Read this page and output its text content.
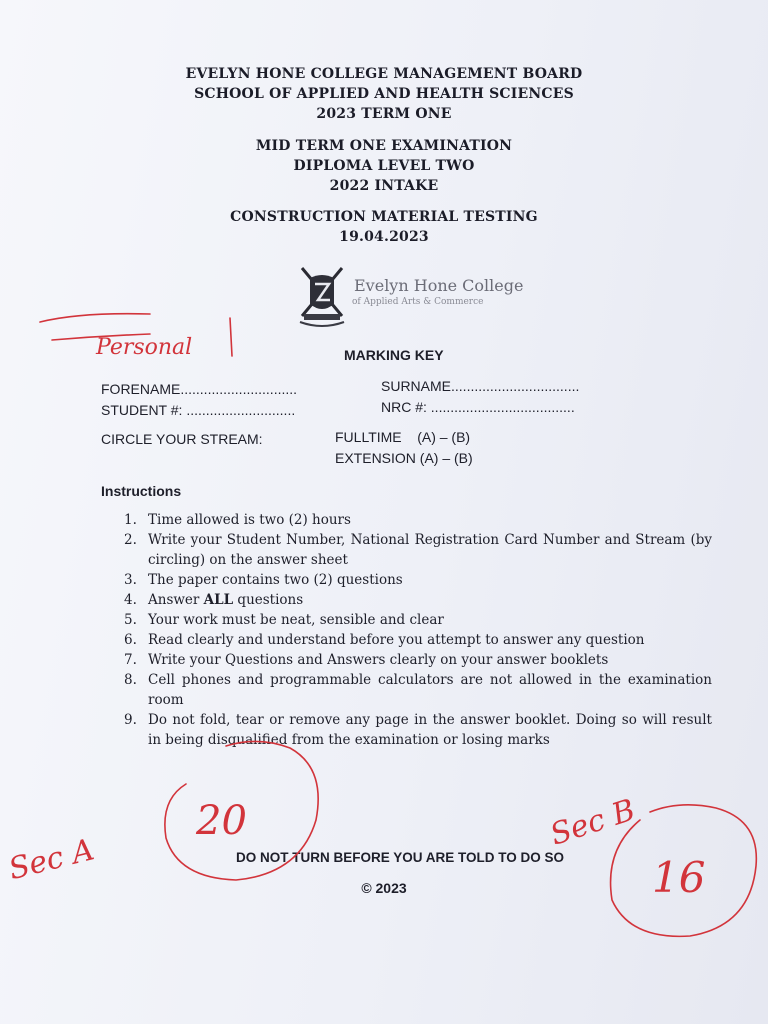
EVELYN HONE COLLEGE MANAGEMENT BOARD
SCHOOL OF APPLIED AND HEALTH SCIENCES
2023 TERM ONE
MID TERM ONE EXAMINATION
DIPLOMA LEVEL TWO
2022 INTAKE
CONSTRUCTION MATERIAL TESTING
19.04.2023
Evelyn Hone College
of Applied Arts & Commerce
MARKING KEY
FORENAME..............................	SURNAME.................................
STUDENT #: ............................	NRC #: .....................................
CIRCLE YOUR STREAM:	FULLTIME    (A) – (B)
EXTENSION (A) – (B)
Instructions
1. Time allowed is two (2) hours
2. Write your Student Number, National Registration Card Number and Stream (by circling) on the answer sheet
3. The paper contains two (2) questions
4. Answer ALL questions
5. Your work must be neat, sensible and clear
6. Read clearly and understand before you attempt to answer any question
7. Write your Questions and Answers clearly on your answer booklets
8. Cell phones and programmable calculators are not allowed in the examination room
9. Do not fold, tear or remove any page in the answer booklet. Doing so will result in being disqualified from the examination or losing marks
DO NOT TURN BEFORE YOU ARE TOLD TO DO SO
© 2023
Personal
Sec A
20	Sec B
16
